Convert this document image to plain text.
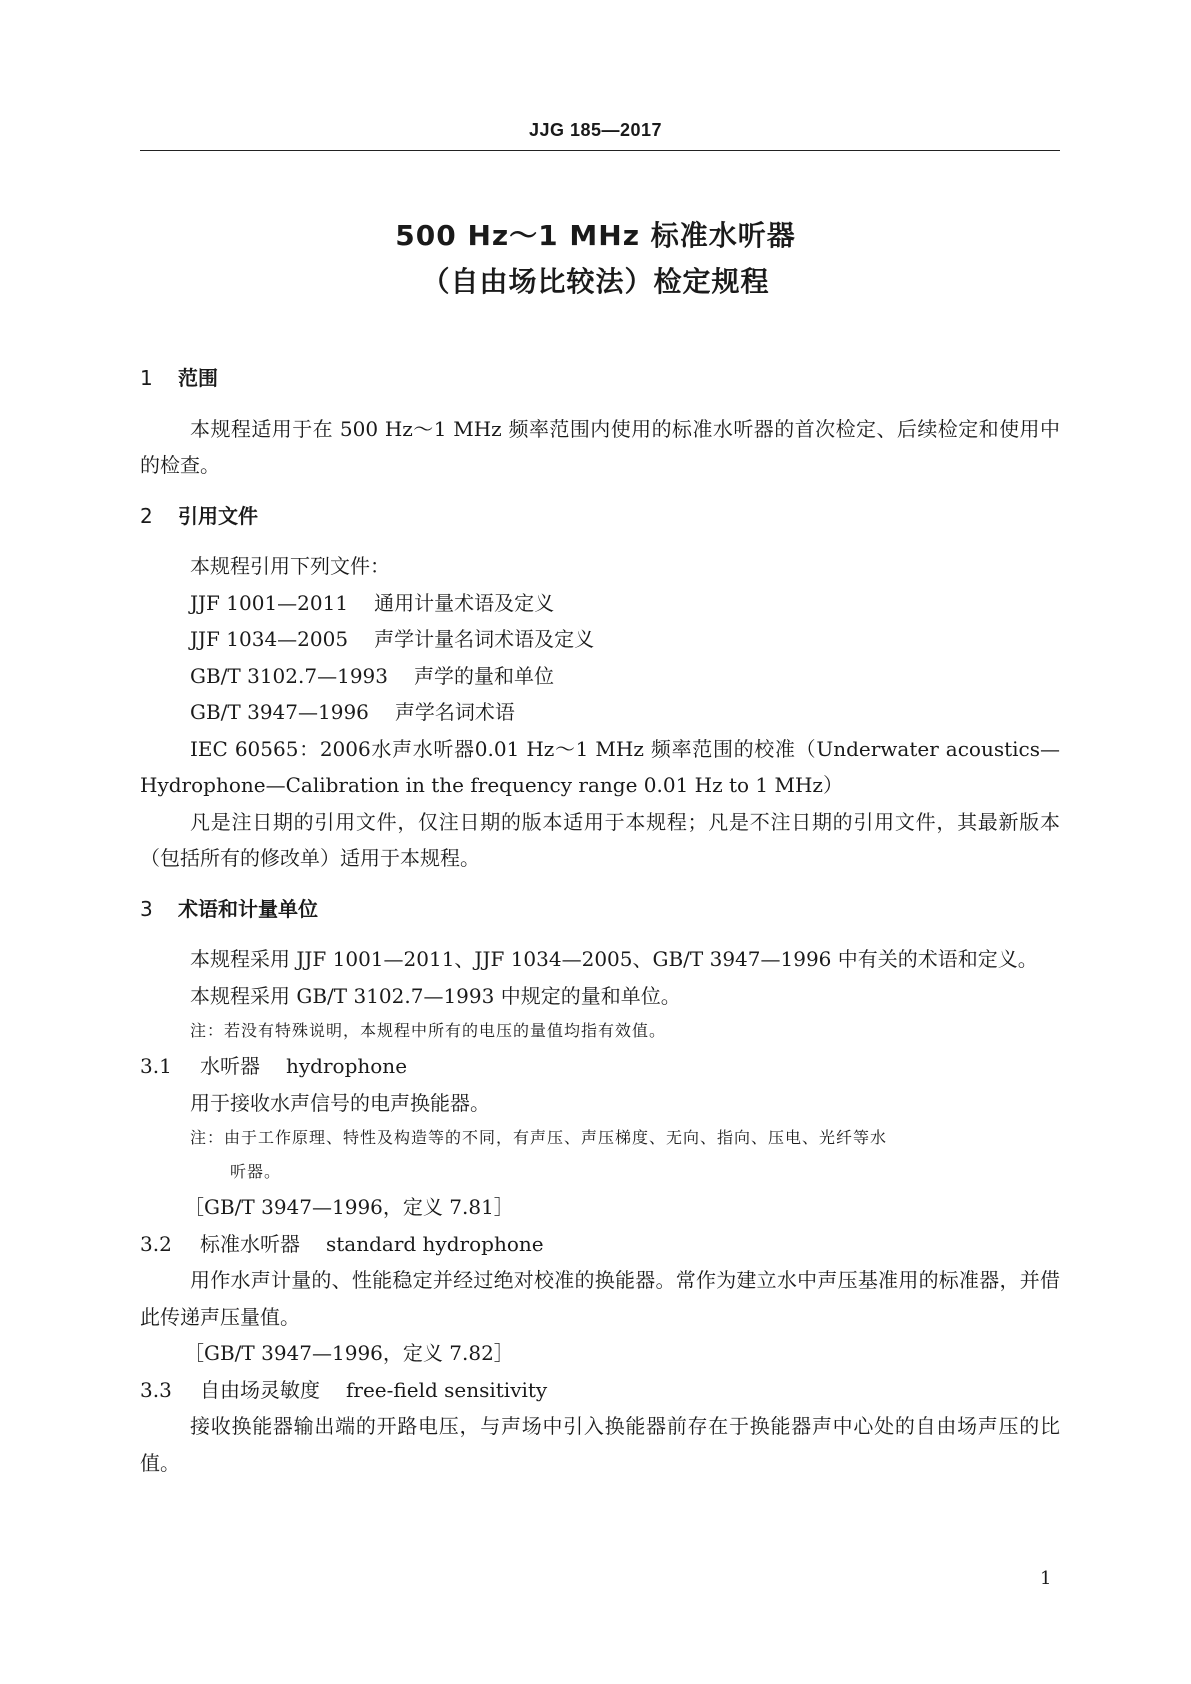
JJG 185—2017
500 Hz～1 MHz 标准水听器
（自由场比较法）检定规程
1 范围
本规程适用于在 500 Hz～1 MHz 频率范围内使用的标准水听器的首次检定、后续检定和使用中的检查。
2 引用文件
本规程引用下列文件：
JJF 1001—2011 通用计量术语及定义
JJF 1034—2005 声学计量名词术语及定义
GB/T 3102.7—1993 声学的量和单位
GB/T 3947—1996 声学名词术语
IEC 60565：2006水声水听器0.01 Hz～1 MHz 频率范围的校准（Underwater acoustics—Hydrophone—Calibration in the frequency range 0.01 Hz to 1 MHz）
凡是注日期的引用文件，仅注日期的版本适用于本规程；凡是不注日期的引用文件，其最新版本（包括所有的修改单）适用于本规程。
3 术语和计量单位
本规程采用 JJF 1001—2011、JJF 1034—2005、GB/T 3947—1996 中有关的术语和定义。
本规程采用 GB/T 3102.7—1993 中规定的量和单位。
注：若没有特殊说明，本规程中所有的电压的量值均指有效值。
3.1 水听器 hydrophone
用于接收水声信号的电声换能器。
注：由于工作原理、特性及构造等的不同，有声压、声压梯度、无向、指向、压电、光纤等水
听器。
［GB/T 3947—1996，定义 7.81］
3.2 标准水听器 standard hydrophone
用作水声计量的、性能稳定并经过绝对校准的换能器。常作为建立水中声压基准用的标准器，并借此传递声压量值。
［GB/T 3947—1996，定义 7.82］
3.3 自由场灵敏度 free-field sensitivity
接收换能器输出端的开路电压，与声场中引入换能器前存在于换能器声中心处的自由场声压的比值。
1
